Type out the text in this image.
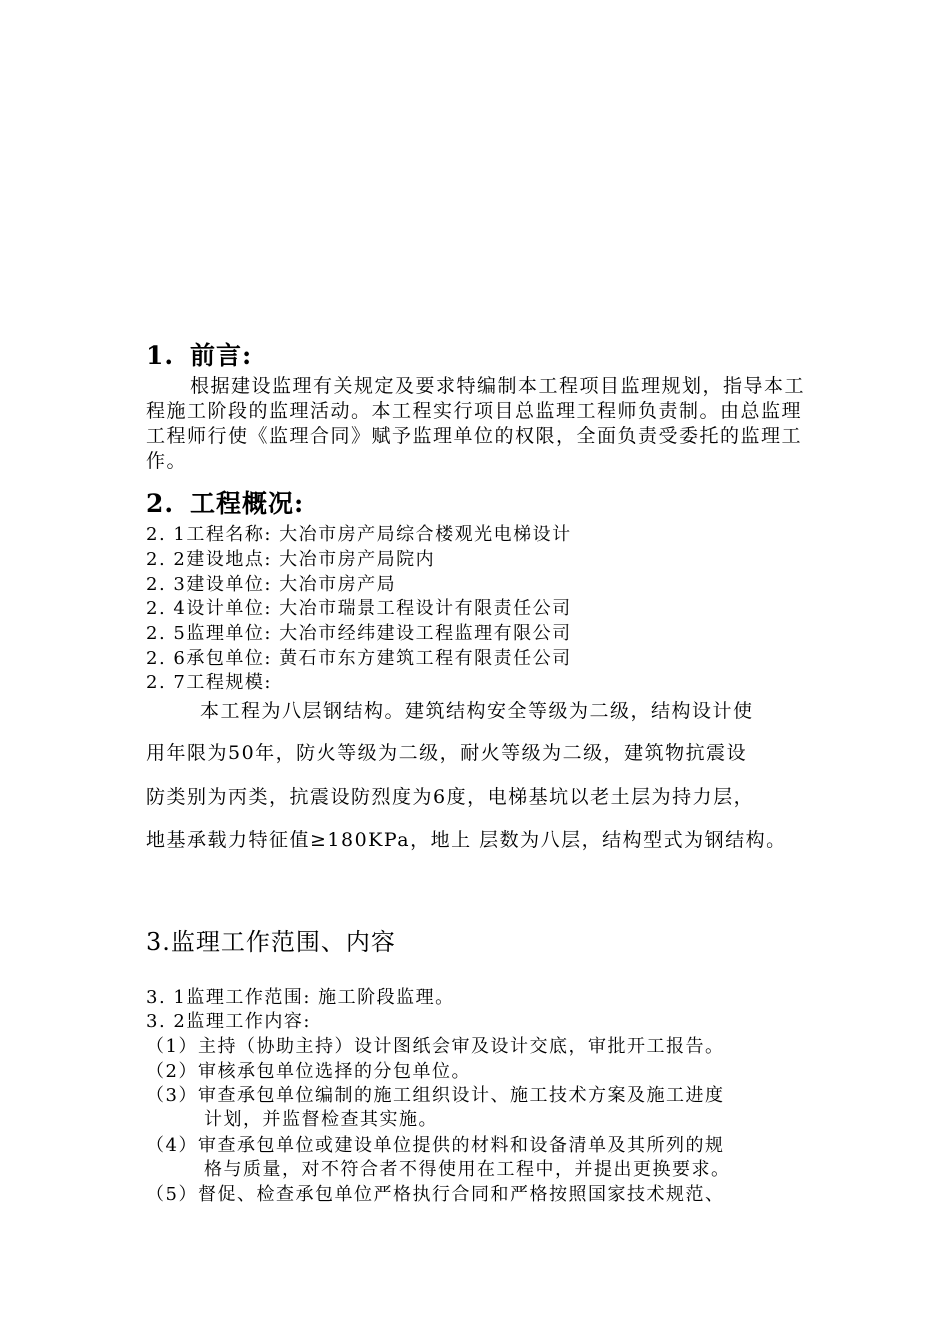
1. 前言:
根据建设监理有关规定及要求特编制本工程项目监理规划，指导本工程施工阶段的监理活动。本工程实行项目总监理工程师负责制。由总监理工程师行使《监理合同》赋予监理单位的权限，全面负责受委托的监理工作。
2. 工程概况:
2. 1工程名称: 大冶市房产局综合楼观光电梯设计
2. 2建设地点: 大冶市房产局院内
2. 3建设单位: 大冶市房产局
2. 4设计单位: 大冶市瑞景工程设计有限责任公司
2. 5监理单位: 大冶市经纬建设工程监理有限公司
2. 6承包单位: 黄石市东方建筑工程有限责任公司
2. 7工程规模:
本工程为八层钢结构。建筑结构安全等级为二级，结构设计使
用年限为50年，防火等级为二级，耐火等级为二级，建筑物抗震设
防类别为丙类，抗震设防烈度为6度，电梯基坑以老土层为持力层，
地基承载力特征值≥180KPa，地上 层数为八层，结构型式为钢结构。
3.监理工作范围、内容
3. 1监理工作范围: 施工阶段监理。
3. 2监理工作内容:
（1）主持（协助主持）设计图纸会审及设计交底，审批开工报告。
（2）审核承包单位选择的分包单位。
（3）审查承包单位编制的施工组织设计、施工技术方案及施工进度
计划，并监督检查其实施。
（4）审查承包单位或建设单位提供的材料和设备清单及其所列的规
格与质量，对不符合者不得使用在工程中，并提出更换要求。
（5）督促、检查承包单位严格执行合同和严格按照国家技术规范、
